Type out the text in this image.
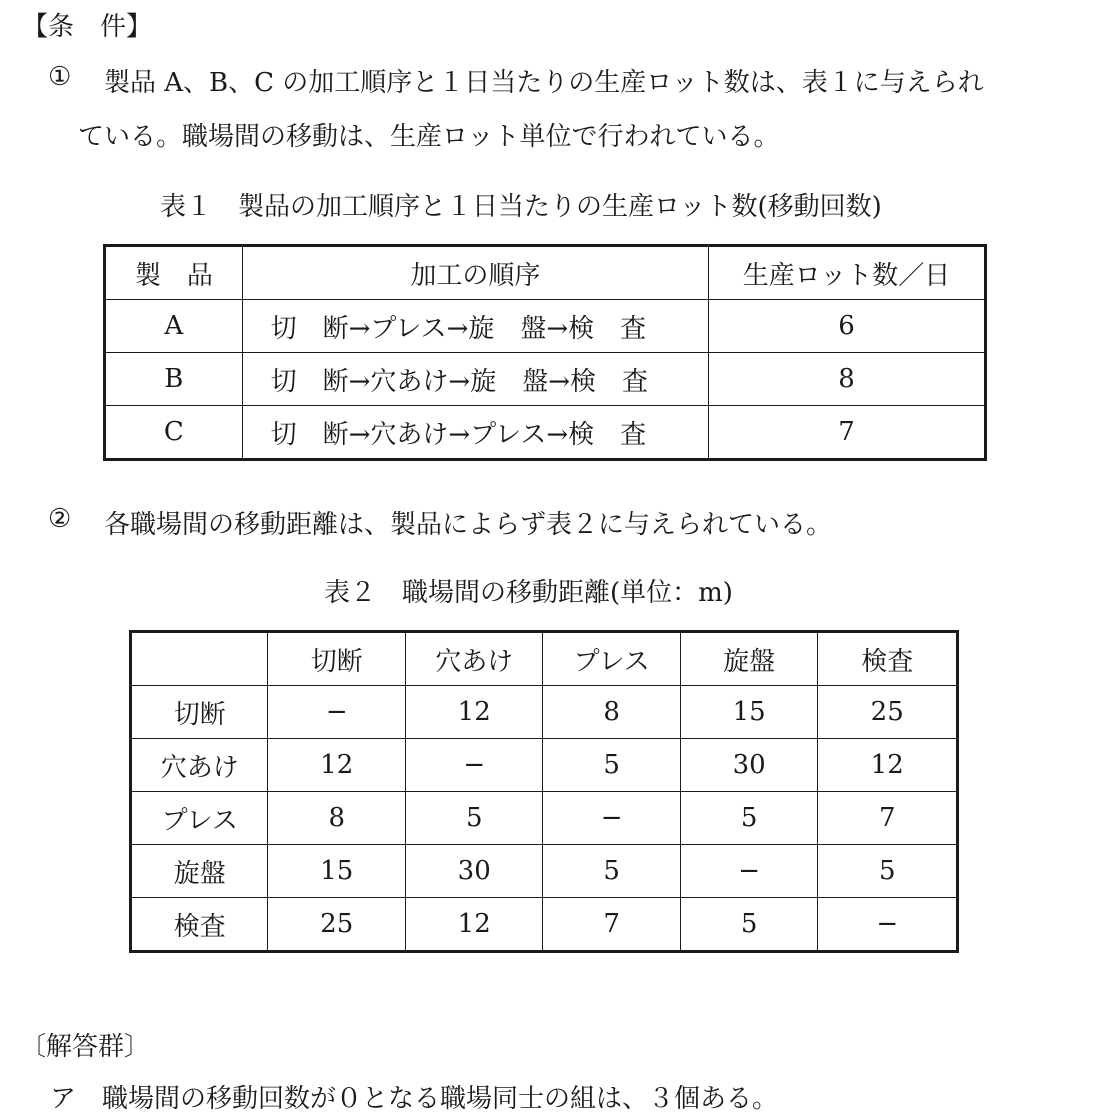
【条　件】
① 製品 A、B、C の加工順序と１日当たりの生産ロット数は、表１に与えられ
ている。職場間の移動は、生産ロット単位で行われている。
表１　製品の加工順序と１日当たりの生産ロット数(移動回数)
製　品	加工の順序	生産ロット数／日
A	切　断→プレス→旋　盤→検　査	6
B	切　断→穴あけ→旋　盤→検　査	8
C	切　断→穴あけ→プレス→検　査	7
② 各職場間の移動距離は、製品によらず表２に与えられている。
表２　職場間の移動距離(単位：m)
	切断	穴あけ	プレス	旋盤	検査
切断	−	12	8	15	25
穴あけ	12	−	5	30	12
プレス	8	5	−	5	7
旋盤	15	30	5	−	5
検査	25	12	7	5	−
〔解答群〕
ア　職場間の移動回数が０となる職場同士の組は、３個ある。
